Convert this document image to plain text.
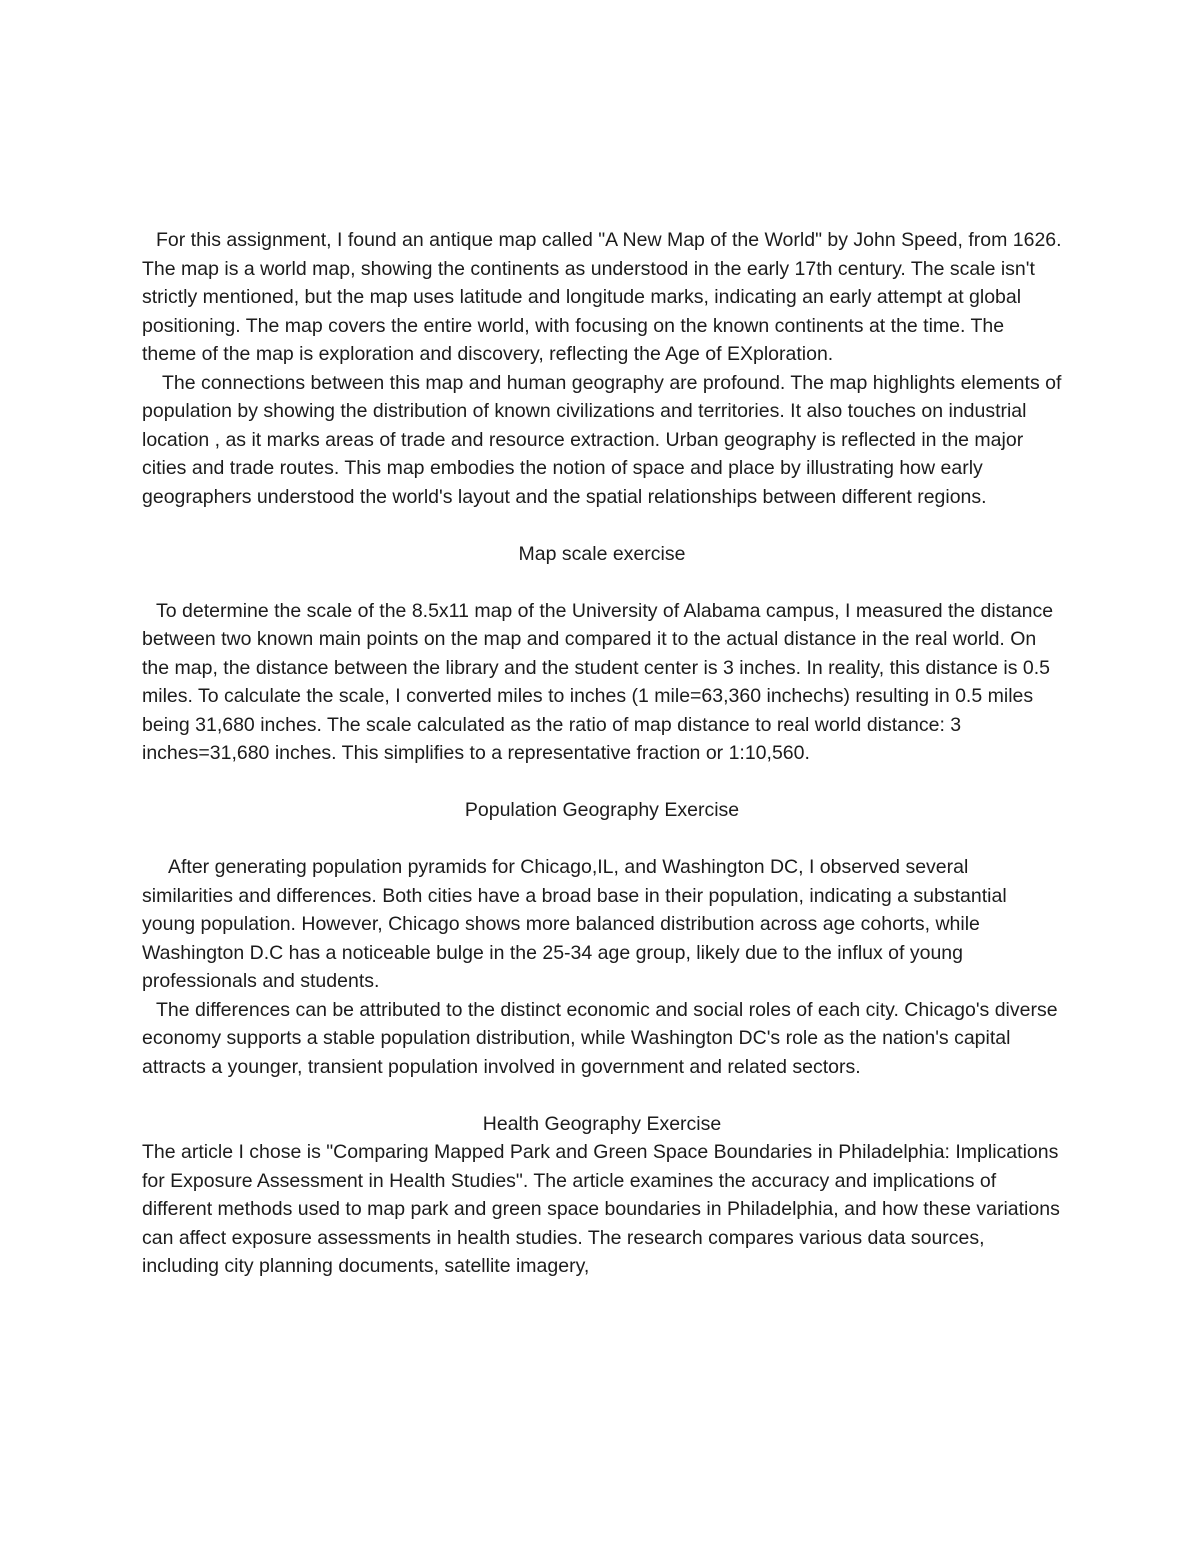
For this assignment, I found an antique map called "A New Map of the World" by John Speed, from 1626. The map is a world map, showing the continents as understood in the early 17th century. The scale isn't strictly mentioned, but the map uses latitude and longitude marks, indicating an early attempt at global positioning. The map covers the entire world, with focusing on the known continents at the time. The theme of the map is exploration and discovery, reflecting the Age of EXploration.

The connections between this map and human geography are profound. The map highlights elements of population by showing the distribution of known civilizations and territories. It also touches on industrial location , as it marks areas of trade and resource extraction. Urban geography is reflected in the major cities and trade routes. This map embodies the notion of space and place by illustrating how early geographers understood the world's layout and the spatial relationships between different regions.

Map scale exercise

To determine the scale of the 8.5x11 map of the University of Alabama campus, I measured the distance between two known main points on the map and compared it to the actual distance in the real world. On the map, the distance between the library and the student center is 3 inches. In reality, this distance is 0.5 miles. To calculate the scale, I converted miles to inches (1 mile=63,360 inchechs) resulting in 0.5 miles being 31,680 inches. The scale calculated as the ratio of map distance to real world distance: 3 inches=31,680 inches. This simplifies to a representative fraction or 1:10,560.

Population Geography Exercise

After generating population pyramids for Chicago,IL, and Washington DC, I observed several similarities and differences. Both cities have a broad base in their population, indicating a substantial young population. However, Chicago shows more balanced distribution across age cohorts, while Washington D.C has a noticeable bulge in the 25-34 age group, likely due to the influx of young professionals and students.

The differences can be attributed to the distinct economic and social roles of each city. Chicago's diverse economy supports a stable population distribution, while Washington DC's role as the nation's capital attracts a younger, transient population involved in government and related sectors.

Health Geography Exercise

The article I chose is "Comparing Mapped Park and Green Space Boundaries in Philadelphia: Implications for Exposure Assessment in Health Studies". The article examines the accuracy and implications of different methods used to map park and green space boundaries in Philadelphia, and how these variations can affect exposure assessments in health studies. The research compares various data sources, including city planning documents, satellite imagery,
